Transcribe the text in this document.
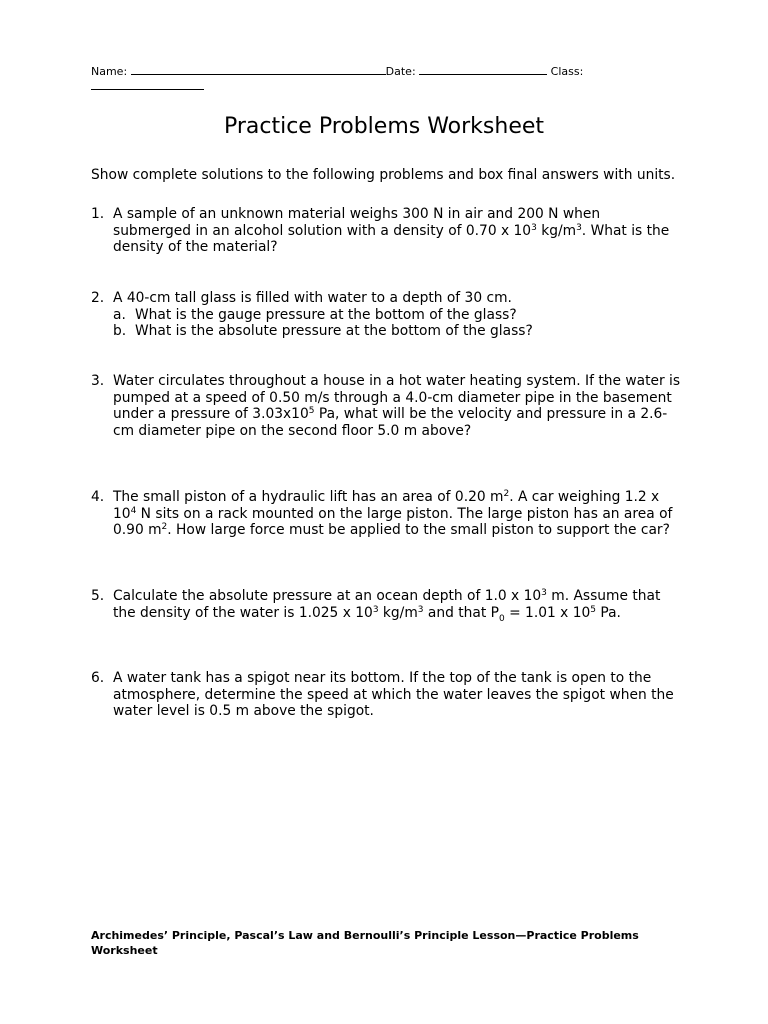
Name:	Date:	Class:

Practice Problems Worksheet
Show complete solutions to the following problems and box final answers with units.
1. A sample of an unknown material weighs 300 N in air and 200 N when submerged in an alcohol solution with a density of 0.70 x $10^3$ $kg/m^3$. What is the density of the material?
2. A 40-cm tall glass is filled with water to a depth of 30 cm.
a. What is the gauge pressure at the bottom of the glass?
b. What is the absolute pressure at the bottom of the glass?
3. Water circulates throughout a house in a hot water heating system. If the water is pumped at a speed of 0.50 m/s through a 4.0-cm diameter pipe in the basement under a pressure of $3.03x10^5$ Pa, what will be the velocity and pressure in a 2.6-cm diameter pipe on the second floor 5.0 m above?
4. The small piston of a hydraulic lift has an area of 0.20 $m^2$. A car weighing 1.2 x $10^4$ N sits on a rack mounted on the large piston. The large piston has an area of 0.90 $m^2$. How large force must be applied to the small piston to support the car?
5. Calculate the absolute pressure at an ocean depth of 1.0 x $10^3$ m. Assume that the density of the water is 1.025 x $10^3$ $kg/m^3$ and that $P_0 = 1.01$ x $10^5$ Pa.
6. A water tank has a spigot near its bottom. If the top of the tank is open to the atmosphere, determine the speed at which the water leaves the spigot when the water level is 0.5 m above the spigot.
Archimedes’ Principle, Pascal’s Law and Bernoulli’s Principle Lesson—Practice Problems Worksheet
